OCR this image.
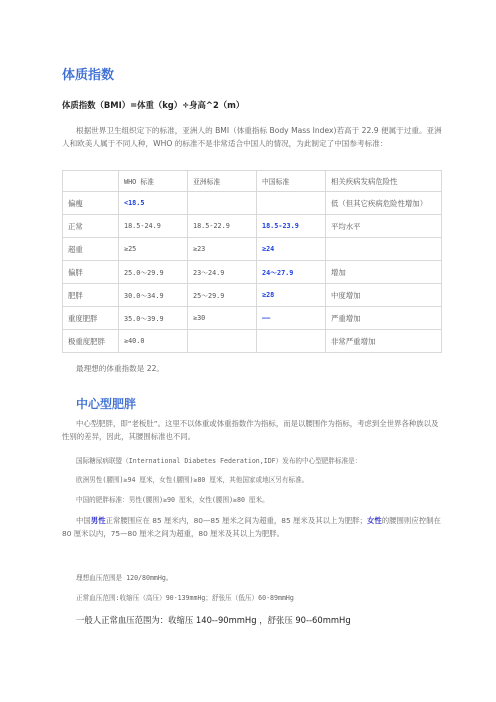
体质指数
体质指数（BMI）=体重（kg）÷身高^2（m）

根据世界卫生组织定下的标准，亚洲人的 BMI（体重指标 Body Mass Index)若高于 22.9 便属于过重。亚洲人和欧美人属于不同人种，WHO 的标准不是非常适合中国人的情况，为此制定了中国参考标准：

	WHO 标准	亚洲标准	中国标准	相关疾病发病危险性
偏瘦	<18.5			低（但其它疾病危险性增加）
正常	18.5-24.9	18.5-22.9	18.5-23.9	平均水平
超重	≥25	≥23	≥24	
偏胖	25.0～29.9	23～24.9	24～27.9	增加
肥胖	30.0～34.9	25～29.9	≥28	中度增加
重度肥胖	35.0～39.9	≥30	——	严重增加
极重度肥胖	≥40.0			非常严重增加
最理想的体重指数是 22。
中心型肥胖

中心型肥胖，即“老板肚”。这里不以体重或体重指数作为指标，而是以腰围作为指标，考虑到全世界各种族以及性别的差异，因此，其腰围标准也不同。

国际糖尿病联盟（International Diabetes Federation,IDF）发布的中心型肥胖标准是：
欧洲男性(腰围)≥94 厘米，女性(腰围)≥80 厘米，其他国家或地区另有标准。
中国的肥胖标准：男性(腰围)≥90 厘米，女性(腰围)≥80 厘米。

中国男性正常腰围应在 85 厘米内，80—85 厘米之间为超重，85 厘米及其以上为肥胖；女性的腰围则应控制在 80 厘米以内，75—80 厘米之间为超重，80 厘米及其以上为肥胖。

理想血压范围是 120/80mmHg。
正常血压范围:收缩压（高压）90-139mmHg；舒张压（低压）60-89mmHg
一般人正常血压范围为：收缩压 140--90mmHg ，舒张压 90--60mmHg
